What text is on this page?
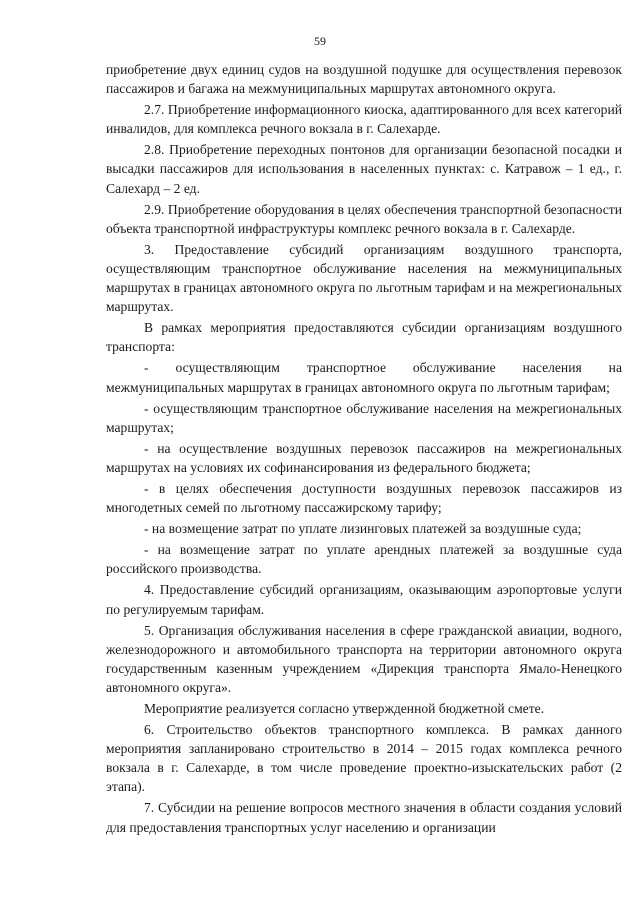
59

приобретение двух единиц судов на воздушной подушке для осуществления перевозок пассажиров и багажа на межмуниципальных маршрутах автономного округа.

2.7. Приобретение информационного киоска, адаптированного для всех категорий инвалидов, для комплекса речного вокзала в г. Салехарде.

2.8. Приобретение переходных понтонов для организации безопасной посадки и высадки пассажиров для использования в населенных пунктах: с. Катравож – 1 ед., г. Салехард – 2 ед.

2.9. Приобретение оборудования в целях обеспечения транспортной безопасности объекта транспортной инфраструктуры комплекс речного вокзала в г. Салехарде.

3. Предоставление субсидий организациям воздушного транспорта, осуществляющим транспортное обслуживание населения на межмуниципальных маршрутах в границах автономного округа по льготным тарифам и на межрегиональных маршрутах.

В рамках мероприятия предоставляются субсидии организациям воздушного транспорта:

- осуществляющим транспортное обслуживание населения на межмуниципальных маршрутах в границах автономного округа по льготным тарифам;

- осуществляющим транспортное обслуживание населения на межрегиональных маршрутах;

- на осуществление воздушных перевозок пассажиров на межрегиональных маршрутах на условиях их софинансирования из федерального бюджета;

- в целях обеспечения доступности воздушных перевозок пассажиров из многодетных семей по льготному пассажирскому тарифу;

- на возмещение затрат по уплате лизинговых платежей за воздушные суда;

- на возмещение затрат по уплате арендных платежей за воздушные суда российского производства.

4. Предоставление субсидий организациям, оказывающим аэропортовые услуги по регулируемым тарифам.

5. Организация обслуживания населения в сфере гражданской авиации, водного, железнодорожного и автомобильного транспорта на территории автономного округа государственным казенным учреждением «Дирекция транспорта Ямало-Ненецкого автономного округа».

Мероприятие реализуется согласно утвержденной бюджетной смете.

6. Строительство объектов транспортного комплекса. В рамках данного мероприятия запланировано строительство в 2014 – 2015 годах комплекса речного вокзала в г. Салехарде, в том числе проведение проектно-изыскательских работ (2 этапа).

7. Субсидии на решение вопросов местного значения в области создания условий для предоставления транспортных услуг населению и организации
